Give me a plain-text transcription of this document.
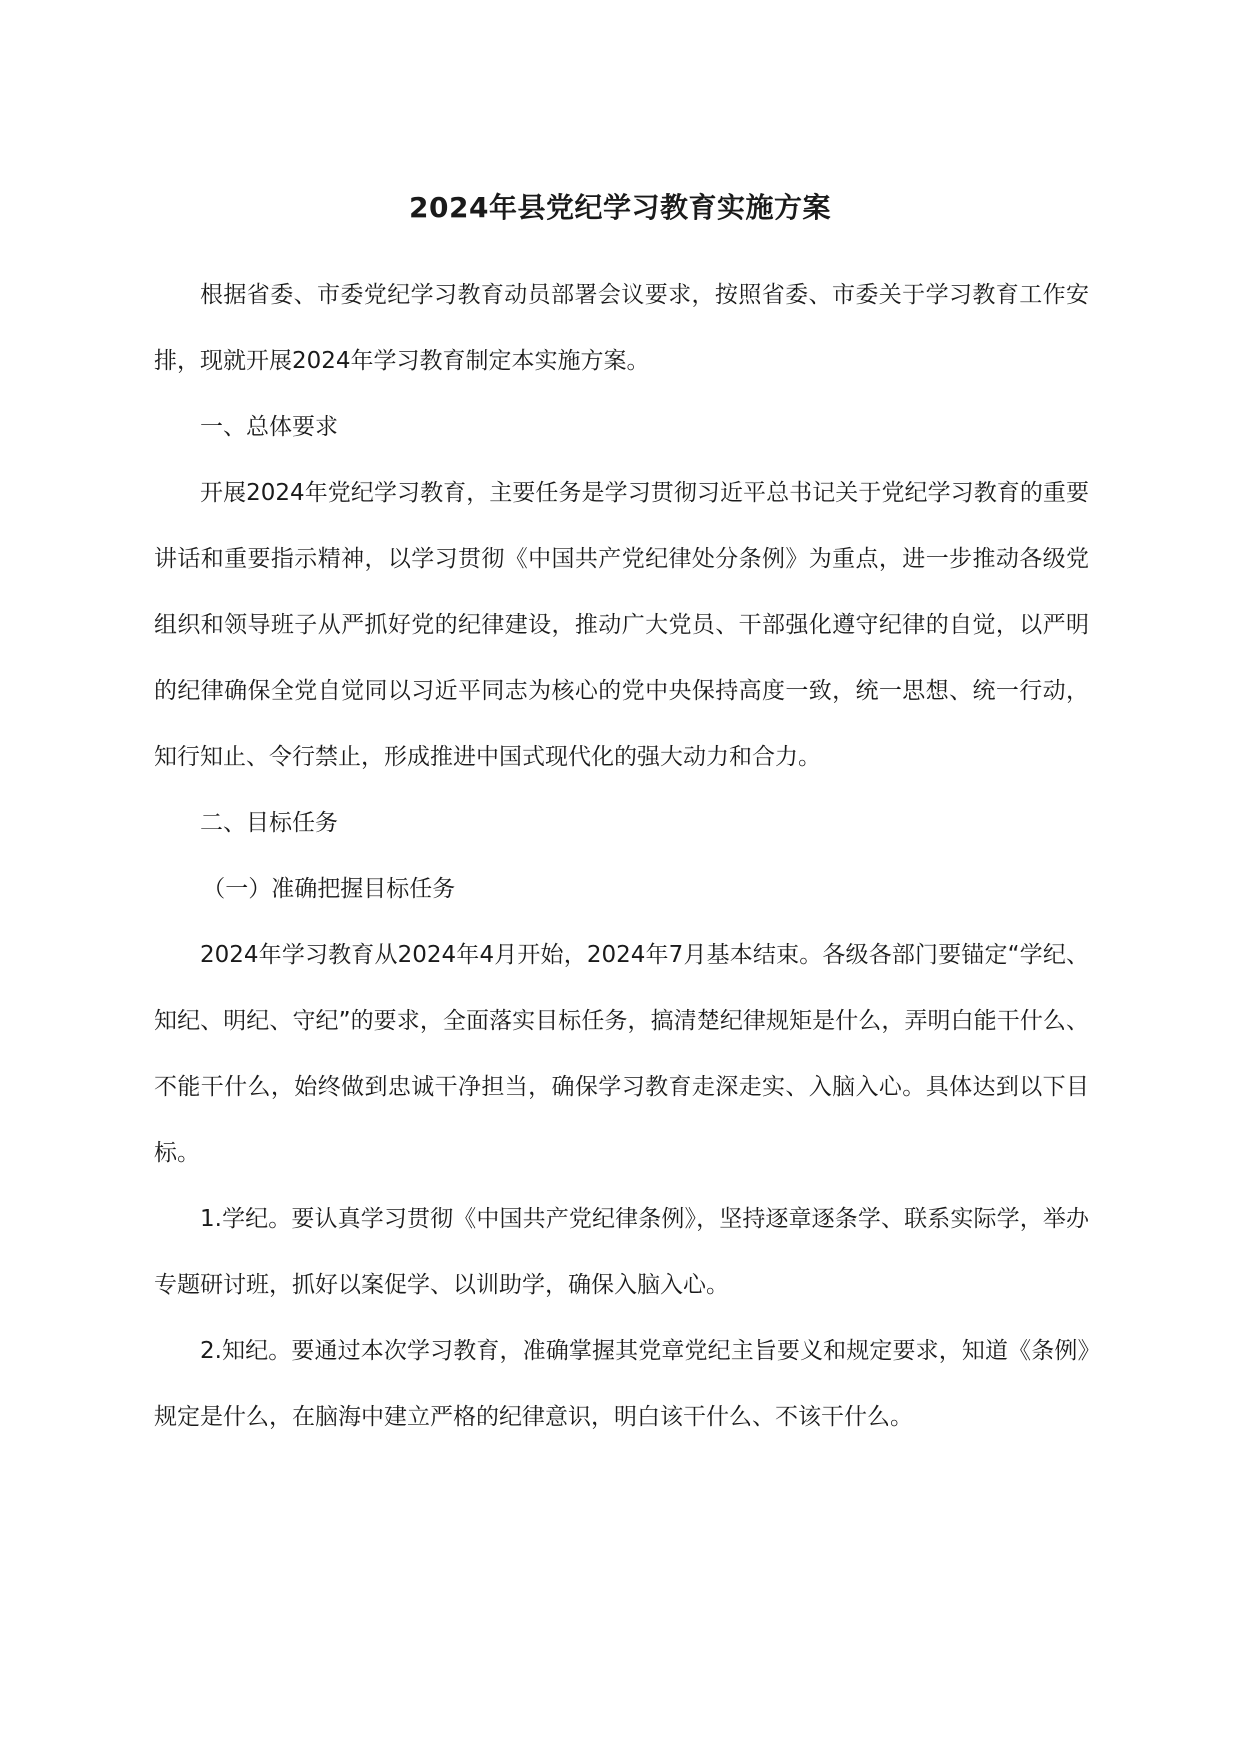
2024年县党纪学习教育实施方案

根据省委、市委党纪学习教育动员部署会议要求，按照省委、市委关于学习教育工作安排，现就开展2024年学习教育制定本实施方案。

一、总体要求

开展2024年党纪学习教育，主要任务是学习贯彻习近平总书记关于党纪学习教育的重要讲话和重要指示精神，以学习贯彻《中国共产党纪律处分条例》为重点，进一步推动各级党组织和领导班子从严抓好党的纪律建设，推动广大党员、干部强化遵守纪律的自觉，以严明的纪律确保全党自觉同以习近平同志为核心的党中央保持高度一致，统一思想、统一行动，知行知止、令行禁止，形成推进中国式现代化的强大动力和合力。

二、目标任务

（一）准确把握目标任务

2024年学习教育从2024年4月开始，2024年7月基本结束。各级各部门要锚定“学纪、知纪、明纪、守纪”的要求，全面落实目标任务，搞清楚纪律规矩是什么，弄明白能干什么、不能干什么，始终做到忠诚干净担当，确保学习教育走深走实、入脑入心。具体达到以下目标。

1.学纪。要认真学习贯彻《中国共产党纪律条例》，坚持逐章逐条学、联系实际学，举办专题研讨班，抓好以案促学、以训助学，确保入脑入心。

2.知纪。要通过本次学习教育，准确掌握其党章党纪主旨要义和规定要求，知道《条例》规定是什么，在脑海中建立严格的纪律意识，明白该干什么、不该干什么。
